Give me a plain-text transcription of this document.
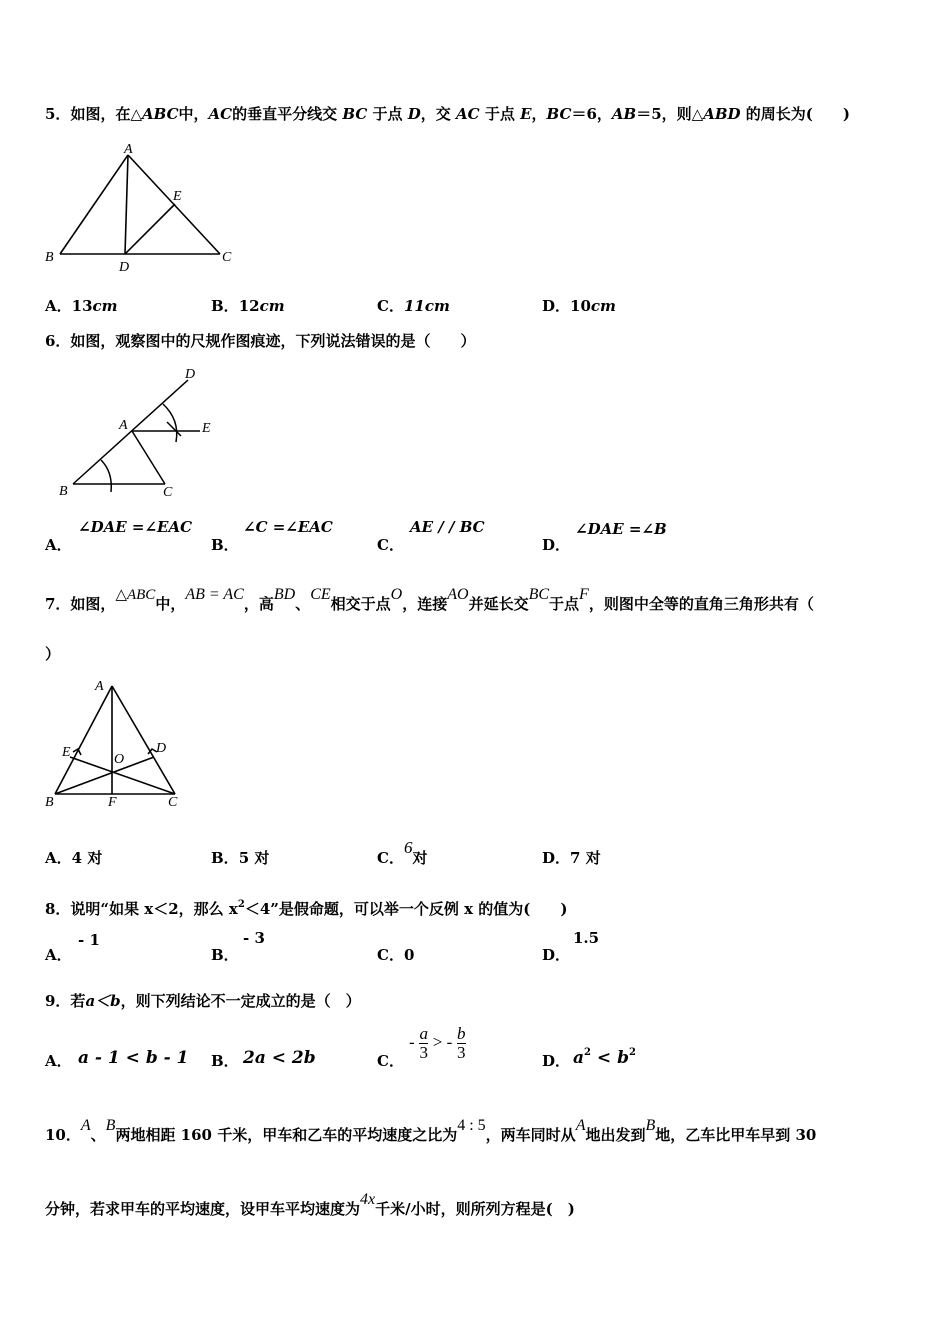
5．如图，在△ABC中，AC的垂直平分线交 BC 于点 D，交 AC 于点 E，BC＝6，AB＝5，则△ABD 的周长为(　　)
A
B	C
D
E
A．13cm	B．12cm	C．11cm	D．10cm
6．如图，观察图中的尺规作图痕迹，下列说法错误的是（　　）
A
B	C
D
E
A．
∠DAE =∠EAC
B．
∠C =∠EAC
C．
AE / / BC
D．
∠DAE =∠B
7．如图，△ABC中，AB = AC，高BD、CE相交于点O，连接AO并延长交BC于点F，则图中全等的直角三角形共有（
）
A
B	C
D
E
F
O
A．4 对	B．5 对	C．6对	D．7 对
8．说明“如果 x＜2，那么 $x^2<4$”是假命题，可以举一个反例 x 的值为(　　)
A．
- 1
B．
- 3
C．0	D．
1.5
9．若a＜b，则下列结论不一定成立的是（　）
A． a - 1 < b - 1 B． 2a < 2b	C．
- $\frac{a}{3}$ > - $\frac{b}{3}$	D． $a^2 < b^2$
10．A、B两地相距 160 千米，甲车和乙车的平均速度之比为4 : 5，两车同时从A地出发到B地，乙车比甲车早到 30
分钟，若求甲车的平均速度，设甲车平均速度为4x千米/小时，则所列方程是(　)
